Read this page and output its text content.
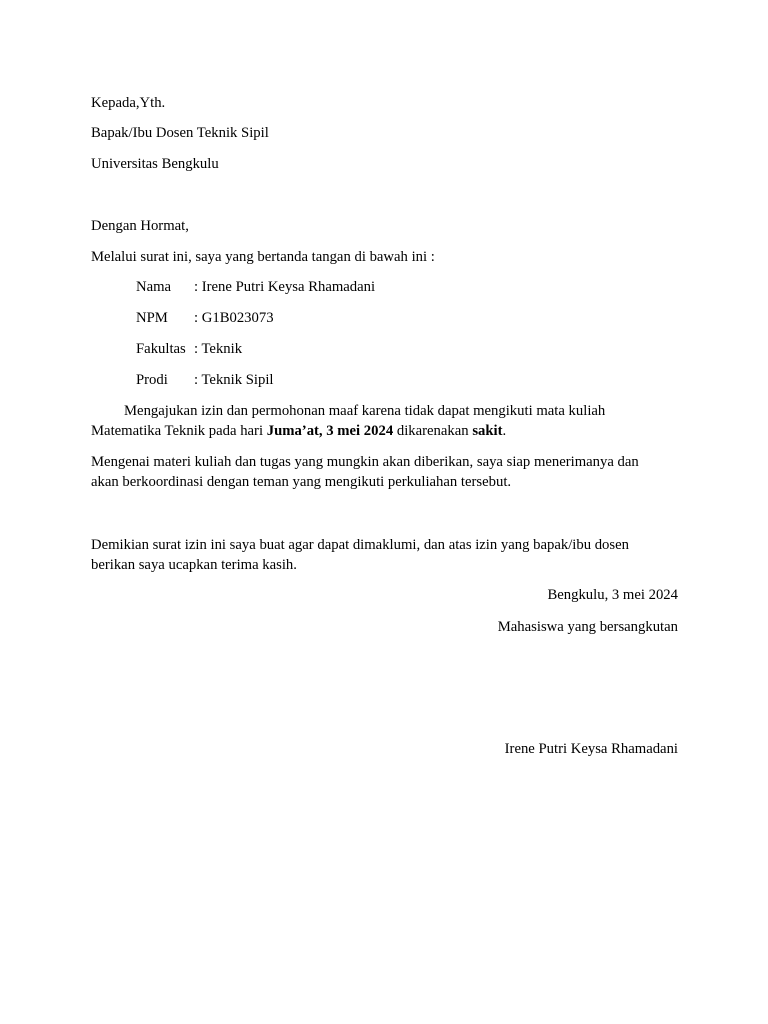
Kepada,Yth.
Bapak/Ibu Dosen Teknik Sipil
Universitas Bengkulu
Dengan Hormat,
Melalui surat ini, saya yang bertanda tangan di bawah ini :
Nama : Irene Putri Keysa Rhamadani
NPM : G1B023073
Fakultas : Teknik
Prodi : Teknik Sipil
Mengajukan izin dan permohonan maaf karena tidak dapat mengikuti mata kuliah
Matematika Teknik pada hari Juma’at, 3 mei 2024 dikarenakan sakit.
Mengenai materi kuliah dan tugas yang mungkin akan diberikan, saya siap menerimanya dan
akan berkoordinasi dengan teman yang mengikuti perkuliahan tersebut.
Demikian surat izin ini saya buat agar dapat dimaklumi, dan atas izin yang bapak/ibu dosen
berikan saya ucapkan terima kasih.
Bengkulu, 3 mei 2024
Mahasiswa yang bersangkutan
Irene Putri Keysa Rhamadani
